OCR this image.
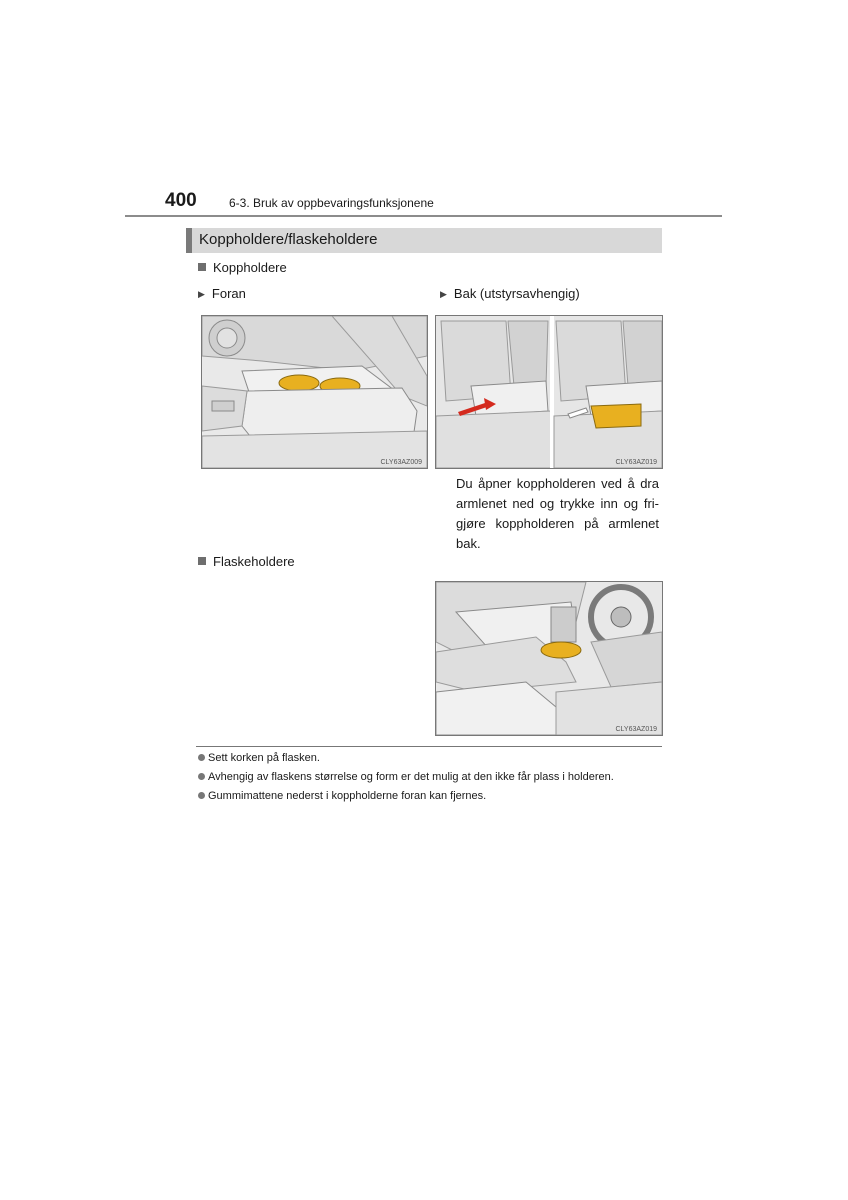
400	6-3. Bruk av oppbevaringsfunksjonene
Koppholdere/flaskeholdere
Koppholdere
▶ Foran	▶ Bak (utstyrsavhengig)
CLY63AZ009	CLY63AZ019
Du åpner koppholderen ved å dra armlenet ned og trykke inn og fri-gjøre koppholderen på armlenet bak.
Flaskeholdere
CLY63AZ019
Sett korken på flasken.
Avhengig av flaskens størrelse og form er det mulig at den ikke får plass i holderen.
Gummimattene nederst i koppholderne foran kan fjernes.
